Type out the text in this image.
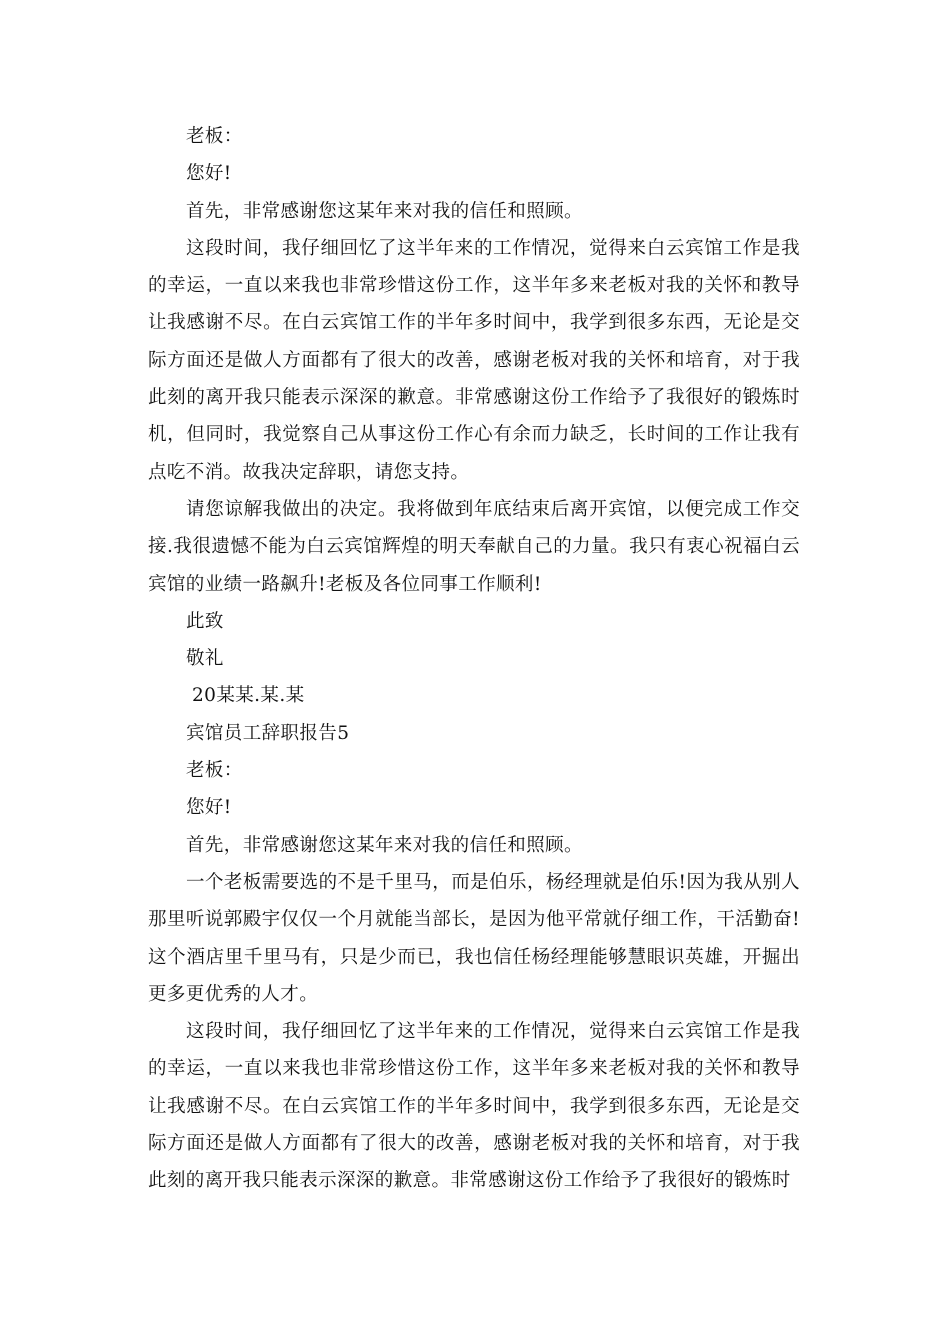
老板：

您好!

首先，非常感谢您这某年来对我的信任和照顾。

这段时间，我仔细回忆了这半年来的工作情况，觉得来白云宾馆工作是我的幸运，一直以来我也非常珍惜这份工作，这半年多来老板对我的关怀和教导让我感谢不尽。在白云宾馆工作的半年多时间中，我学到很多东西，无论是交际方面还是做人方面都有了很大的改善，感谢老板对我的关怀和培育，对于我此刻的离开我只能表示深深的歉意。非常感谢这份工作给予了我很好的锻炼时机，但同时，我觉察自己从事这份工作心有余而力缺乏，长时间的工作让我有点吃不消。故我决定辞职，请您支持。

请您谅解我做出的决定。我将做到年底结束后离开宾馆，以便完成工作交接.我很遗憾不能为白云宾馆辉煌的明天奉献自己的力量。我只有衷心祝福白云宾馆的业绩一路飙升!老板及各位同事工作顺利!

此致

敬礼

20某某.某.某

宾馆员工辞职报告5

老板：

您好!

首先，非常感谢您这某年来对我的信任和照顾。

一个老板需要选的不是千里马，而是伯乐，杨经理就是伯乐!因为我从别人那里听说郭殿宇仅仅一个月就能当部长，是因为他平常就仔细工作，干活勤奋!这个酒店里千里马有，只是少而已，我也信任杨经理能够慧眼识英雄，开掘出更多更优秀的人才。

这段时间，我仔细回忆了这半年来的工作情况，觉得来白云宾馆工作是我的幸运，一直以来我也非常珍惜这份工作，这半年多来老板对我的关怀和教导让我感谢不尽。在白云宾馆工作的半年多时间中，我学到很多东西，无论是交际方面还是做人方面都有了很大的改善，感谢老板对我的关怀和培育，对于我此刻的离开我只能表示深深的歉意。非常感谢这份工作给予了我很好的锻炼时
